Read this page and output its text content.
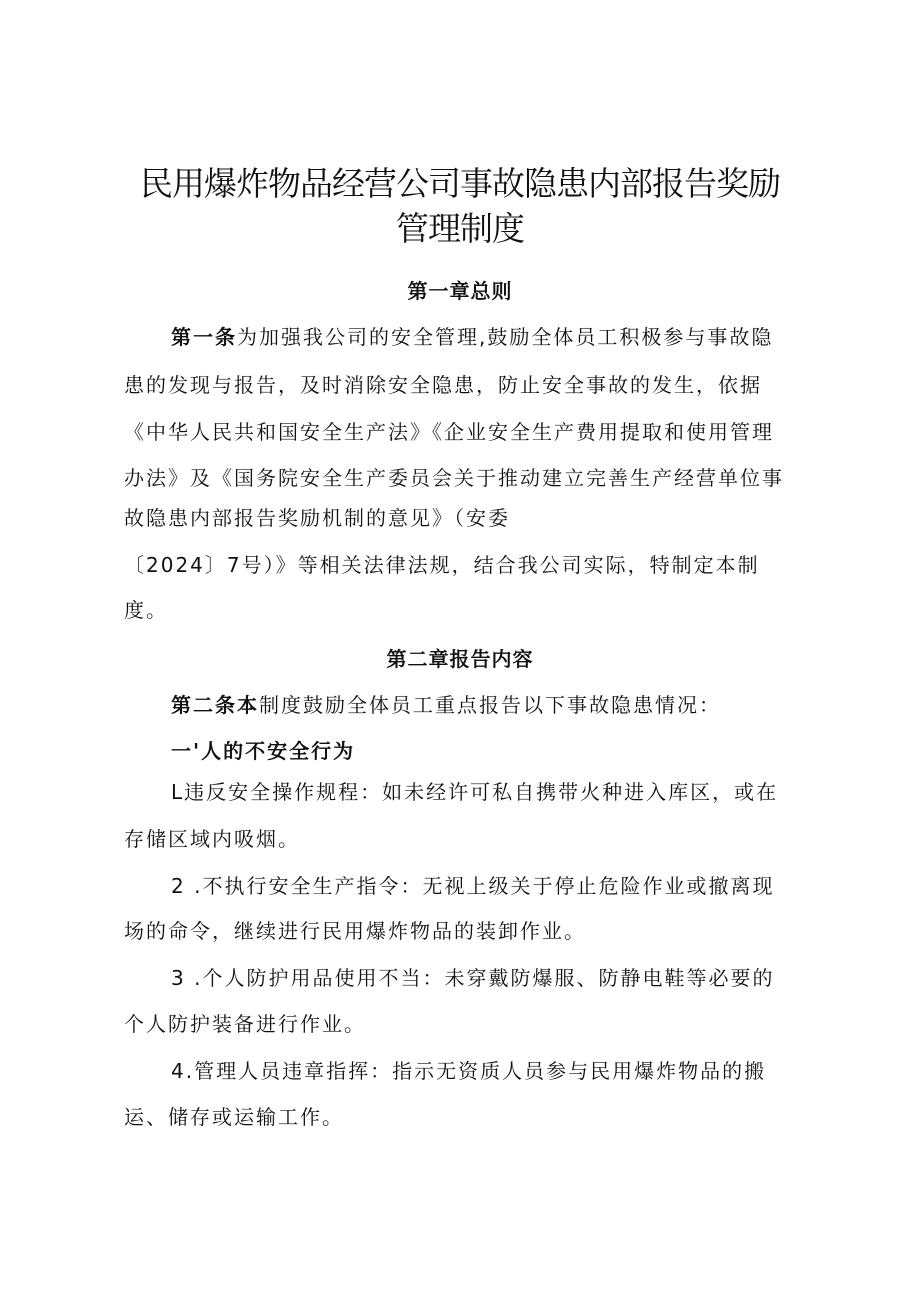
民用爆炸物品经营公司事故隐患内部报告奖励
管理制度
第一章总则

第一条为加强我公司的安全管理,鼓励全体员工积极参与事故隐

患的发现与报告，及时消除安全隐患，防止安全事故的发生，依据

《中华人民共和国安全生产法》《企业安全生产费用提取和使用管理

办法》及《国务院安全生产委员会关于推动建立完善生产经营单位事

故隐患内部报告奖励机制的意见》（安委

〔2024〕7号）》等相关法律法规，结合我公司实际，特制定本制

度。

第二章报告内容

第二条本制度鼓励全体员工重点报告以下事故隐患情况：

一'人的不安全行为

L违反安全操作规程：如未经许可私自携带火种进入库区，或在

存储区域内吸烟。

2 .不执行安全生产指令：无视上级关于停止危险作业或撤离现

场的命令，继续进行民用爆炸物品的装卸作业。

3 .个人防护用品使用不当：未穿戴防爆服、防静电鞋等必要的

个人防护装备进行作业。

4.管理人员违章指挥：指示无资质人员参与民用爆炸物品的搬

运、储存或运输工作。
